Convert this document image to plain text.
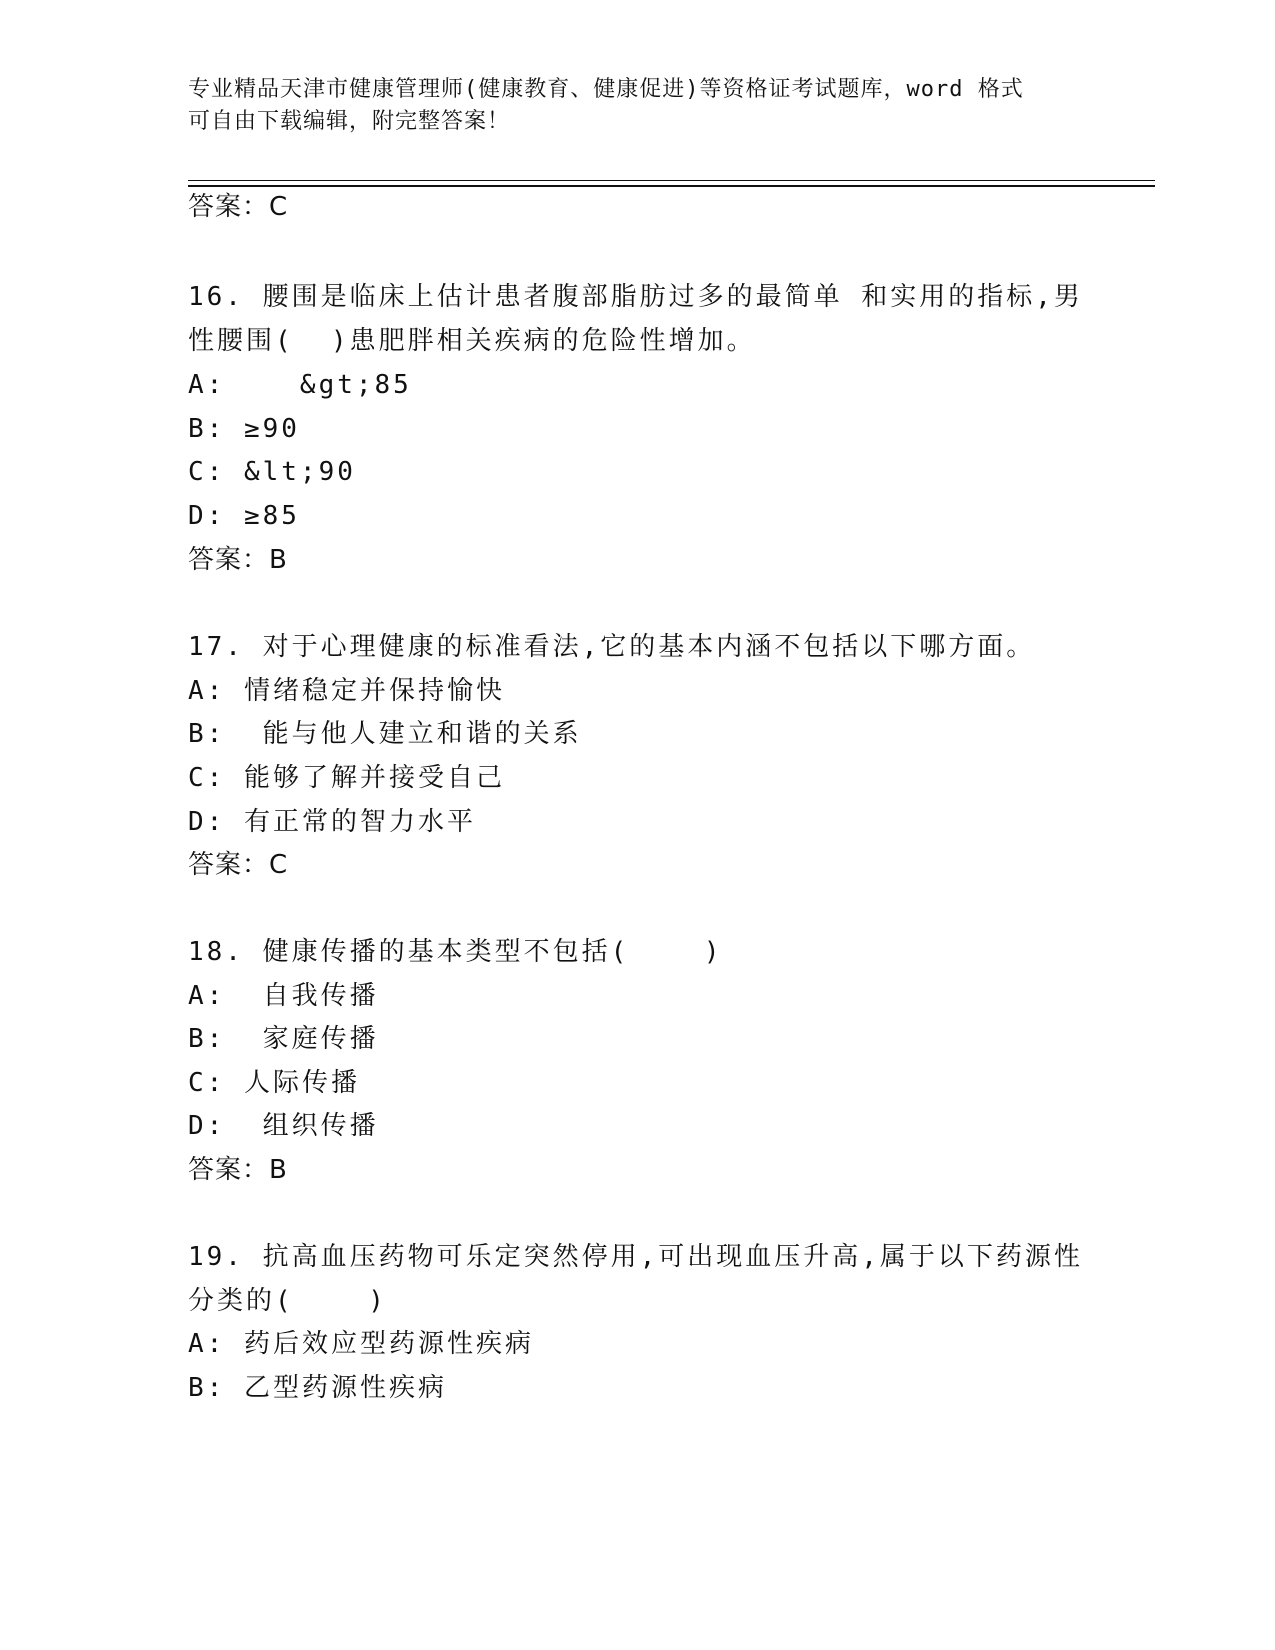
专业精品天津市健康管理师(健康教育、健康促进)等资格证考试题库，word 格式
可自由下载编辑，附完整答案！
答案：C
16. 腰围是临床上估计患者腹部脂肪过多的最简单 和实用的指标,男
性腰围(  )患肥胖相关疾病的危险性增加。
A:    &gt;85
B: ≥90
C: &lt;90
D: ≥85
答案：B
17. 对于心理健康的标准看法,它的基本内涵不包括以下哪方面。
A: 情绪稳定并保持愉快
B:  能与他人建立和谐的关系
C: 能够了解并接受自己
D: 有正常的智力水平
答案：C
18. 健康传播的基本类型不包括(    )
A:  自我传播
B:  家庭传播
C: 人际传播
D:  组织传播
答案：B
19. 抗高血压药物可乐定突然停用,可出现血压升高,属于以下药源性
分类的(    )
A: 药后效应型药源性疾病
B: 乙型药源性疾病
